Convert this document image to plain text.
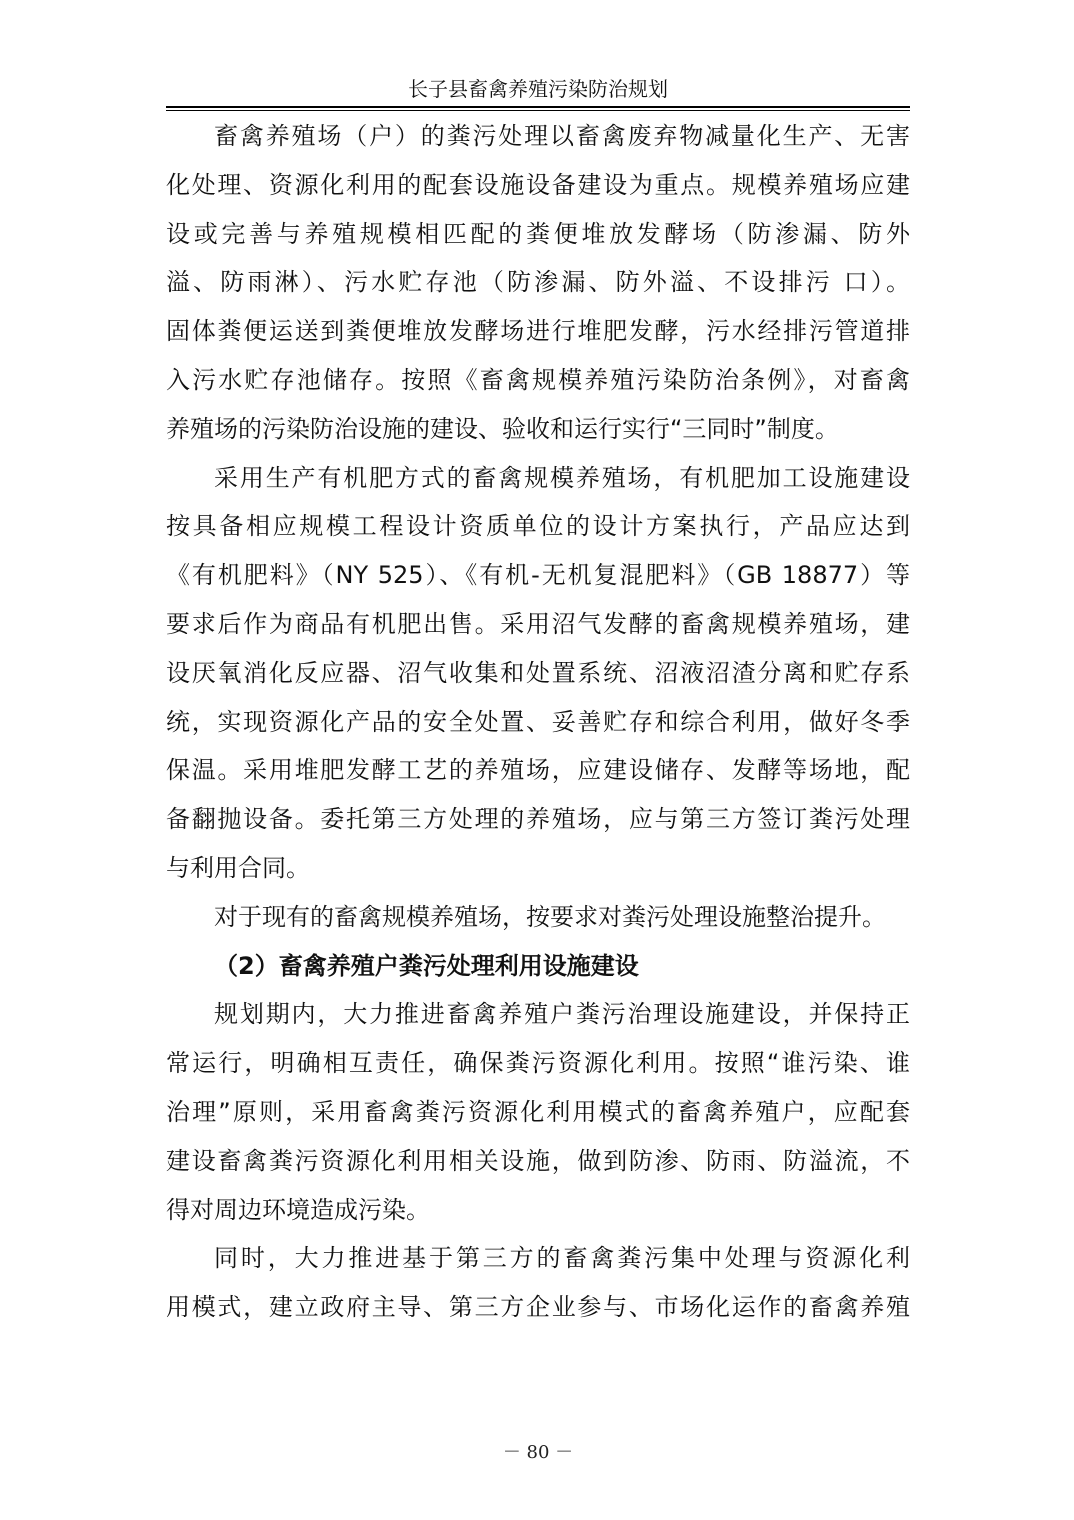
长子县畜禽养殖污染防治规划
畜禽养殖场（户）的粪污处理以畜禽废弃物减量化生产、无害
化处理、资源化利用的配套设施设备建设为重点。规模养殖场应建
设或完善与养殖规模相匹配的粪便堆放发酵场（防渗漏、防外
溢、防雨淋）、污水贮存池（防渗漏、防外溢、不设排污 口）。
固体粪便运送到粪便堆放发酵场进行堆肥发酵，污水经排污管道排
入污水贮存池储存。按照《畜禽规模养殖污染防治条例》，对畜禽
养殖场的污染防治设施的建设、验收和运行实行“三同时”制度。
采用生产有机肥方式的畜禽规模养殖场，有机肥加工设施建设
按具备相应规模工程设计资质单位的设计方案执行，产品应达到
《有机肥料》（NY 525）、《有机-无机复混肥料》（GB 18877）等
要求后作为商品有机肥出售。采用沼气发酵的畜禽规模养殖场，建
设厌氧消化反应器、沼气收集和处置系统、沼液沼渣分离和贮存系
统，实现资源化产品的安全处置、妥善贮存和综合利用，做好冬季
保温。采用堆肥发酵工艺的养殖场，应建设储存、发酵等场地，配
备翻抛设备。委托第三方处理的养殖场，应与第三方签订粪污处理
与利用合同。
对于现有的畜禽规模养殖场，按要求对粪污处理设施整治提升。
（2）畜禽养殖户粪污处理利用设施建设
规划期内，大力推进畜禽养殖户粪污治理设施建设，并保持正
常运行，明确相互责任，确保粪污资源化利用。按照“谁污染、谁
治理”原则，采用畜禽粪污资源化利用模式的畜禽养殖户，应配套
建设畜禽粪污资源化利用相关设施，做到防渗、防雨、防溢流，不
得对周边环境造成污染。
同时，大力推进基于第三方的畜禽粪污集中处理与资源化利
用模式，建立政府主导、第三方企业参与、市场化运作的畜禽养殖
－ 80 －
